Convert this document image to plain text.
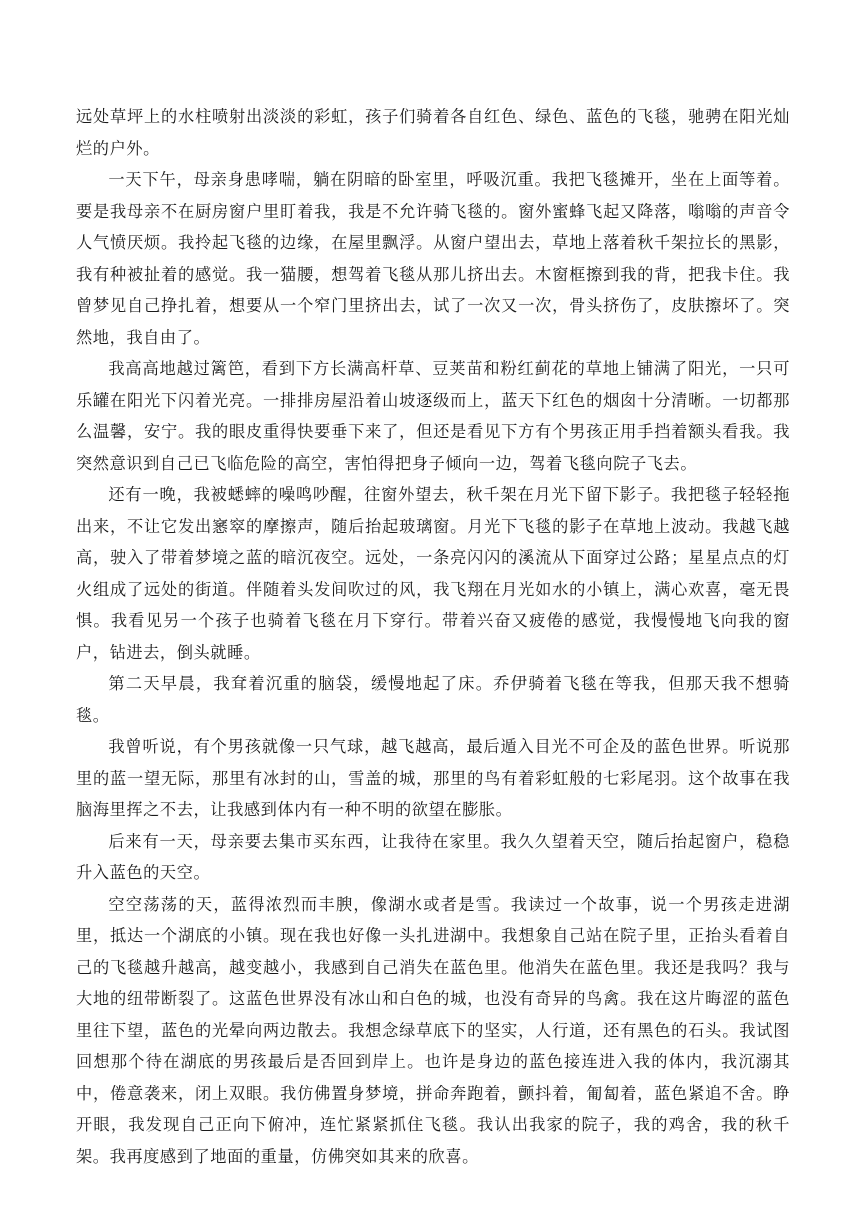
远处草坪上的水柱喷射出淡淡的彩虹，孩子们骑着各自红色、绿色、蓝色的飞毯，驰骋在阳光灿烂的户外。

一天下午，母亲身患哮喘，躺在阴暗的卧室里，呼吸沉重。我把飞毯摊开，坐在上面等着。要是我母亲不在厨房窗户里盯着我，我是不允许骑飞毯的。窗外蜜蜂飞起又降落，嗡嗡的声音令人气愤厌烦。我拎起飞毯的边缘，在屋里飘浮。从窗户望出去，草地上落着秋千架拉长的黑影，我有种被扯着的感觉。我一猫腰，想驾着飞毯从那儿挤出去。木窗框擦到我的背，把我卡住。我曾梦见自己挣扎着，想要从一个窄门里挤出去，试了一次又一次，骨头挤伤了，皮肤擦坏了。突然地，我自由了。

我高高地越过篱笆，看到下方长满高杆草、豆荚苗和粉红蓟花的草地上铺满了阳光，一只可乐罐在阳光下闪着光亮。一排排房屋沿着山坡逐级而上，蓝天下红色的烟囱十分清晰。一切都那么温馨，安宁。我的眼皮重得快要垂下来了，但还是看见下方有个男孩正用手挡着额头看我。我突然意识到自己已飞临危险的高空，害怕得把身子倾向一边，驾着飞毯向院子飞去。

还有一晚，我被蟋蟀的噪鸣吵醒，往窗外望去，秋千架在月光下留下影子。我把毯子轻轻拖出来，不让它发出窸窣的摩擦声，随后抬起玻璃窗。月光下飞毯的影子在草地上波动。我越飞越高，驶入了带着梦境之蓝的暗沉夜空。远处，一条亮闪闪的溪流从下面穿过公路；星星点点的灯火组成了远处的街道。伴随着头发间吹过的风，我飞翔在月光如水的小镇上，满心欢喜，毫无畏惧。我看见另一个孩子也骑着飞毯在月下穿行。带着兴奋又疲倦的感觉，我慢慢地飞向我的窗户，钻进去，倒头就睡。

第二天早晨，我耷着沉重的脑袋，缓慢地起了床。乔伊骑着飞毯在等我，但那天我不想骑毯。

我曾听说，有个男孩就像一只气球，越飞越高，最后遁入目光不可企及的蓝色世界。听说那里的蓝一望无际，那里有冰封的山，雪盖的城，那里的鸟有着彩虹般的七彩尾羽。这个故事在我脑海里挥之不去，让我感到体内有一种不明的欲望在膨胀。

后来有一天，母亲要去集市买东西，让我待在家里。我久久望着天空，随后抬起窗户，稳稳升入蓝色的天空。

空空荡荡的天，蓝得浓烈而丰腴，像湖水或者是雪。我读过一个故事，说一个男孩走进湖里，抵达一个湖底的小镇。现在我也好像一头扎进湖中。我想象自己站在院子里，正抬头看着自己的飞毯越升越高，越变越小，我感到自己消失在蓝色里。他消失在蓝色里。我还是我吗？我与大地的纽带断裂了。这蓝色世界没有冰山和白色的城，也没有奇异的鸟禽。我在这片晦涩的蓝色里往下望，蓝色的光晕向两边散去。我想念绿草底下的坚实，人行道，还有黑色的石头。我试图回想那个待在湖底的男孩最后是否回到岸上。也许是身边的蓝色接连进入我的体内，我沉溺其中，倦意袭来，闭上双眼。我仿佛置身梦境，拼命奔跑着，颤抖着，匍匐着，蓝色紧追不舍。睁开眼，我发现自己正向下俯冲，连忙紧紧抓住飞毯。我认出我家的院子，我的鸡舍，我的秋千架。我再度感到了地面的重量，仿佛突如其来的欣喜。
